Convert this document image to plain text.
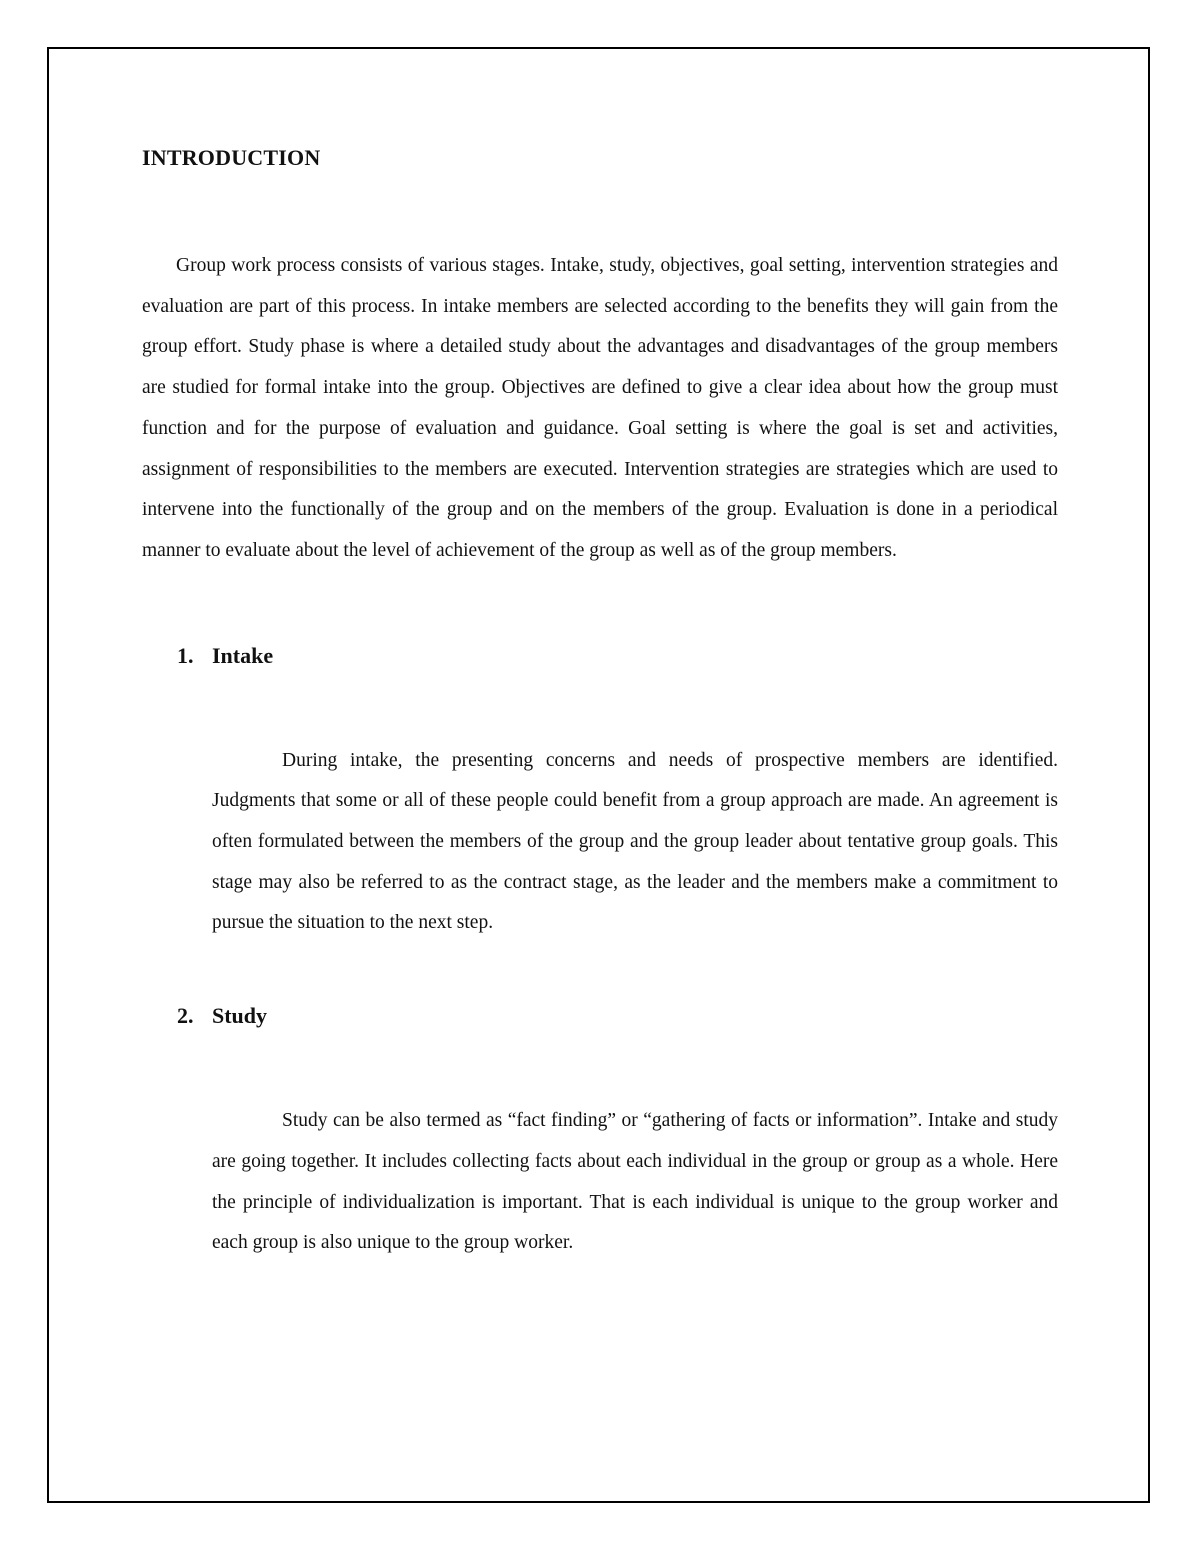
INTRODUCTION

Group work process consists of various stages. Intake, study, objectives, goal setting, intervention strategies and evaluation are part of this process. In intake members are selected according to the benefits they will gain from the group effort. Study phase is where a detailed study about the advantages and disadvantages of the group members are studied for formal intake into the group. Objectives are defined to give a clear idea about how the group must function and for the purpose of evaluation and guidance. Goal setting is where the goal is set and activities, assignment of responsibilities to the members are executed. Intervention strategies are strategies which are used to intervene into the functionally of the group and on the members of the group. Evaluation is done in a periodical manner to evaluate about the level of achievement of the group as well as of the group members.

1. Intake

During intake, the presenting concerns and needs of prospective members are identified. Judgments that some or all of these people could benefit from a group approach are made. An agreement is often formulated between the members of the group and the group leader about tentative group goals. This stage may also be referred to as the contract stage, as the leader and the members make a commitment to pursue the situation to the next step.

2. Study

Study can be also termed as “fact finding” or “gathering of facts or information”. Intake and study are going together. It includes collecting facts about each individual in the group or group as a whole. Here the principle of individualization is important. That is each individual is unique to the group worker and each group is also unique to the group worker.
